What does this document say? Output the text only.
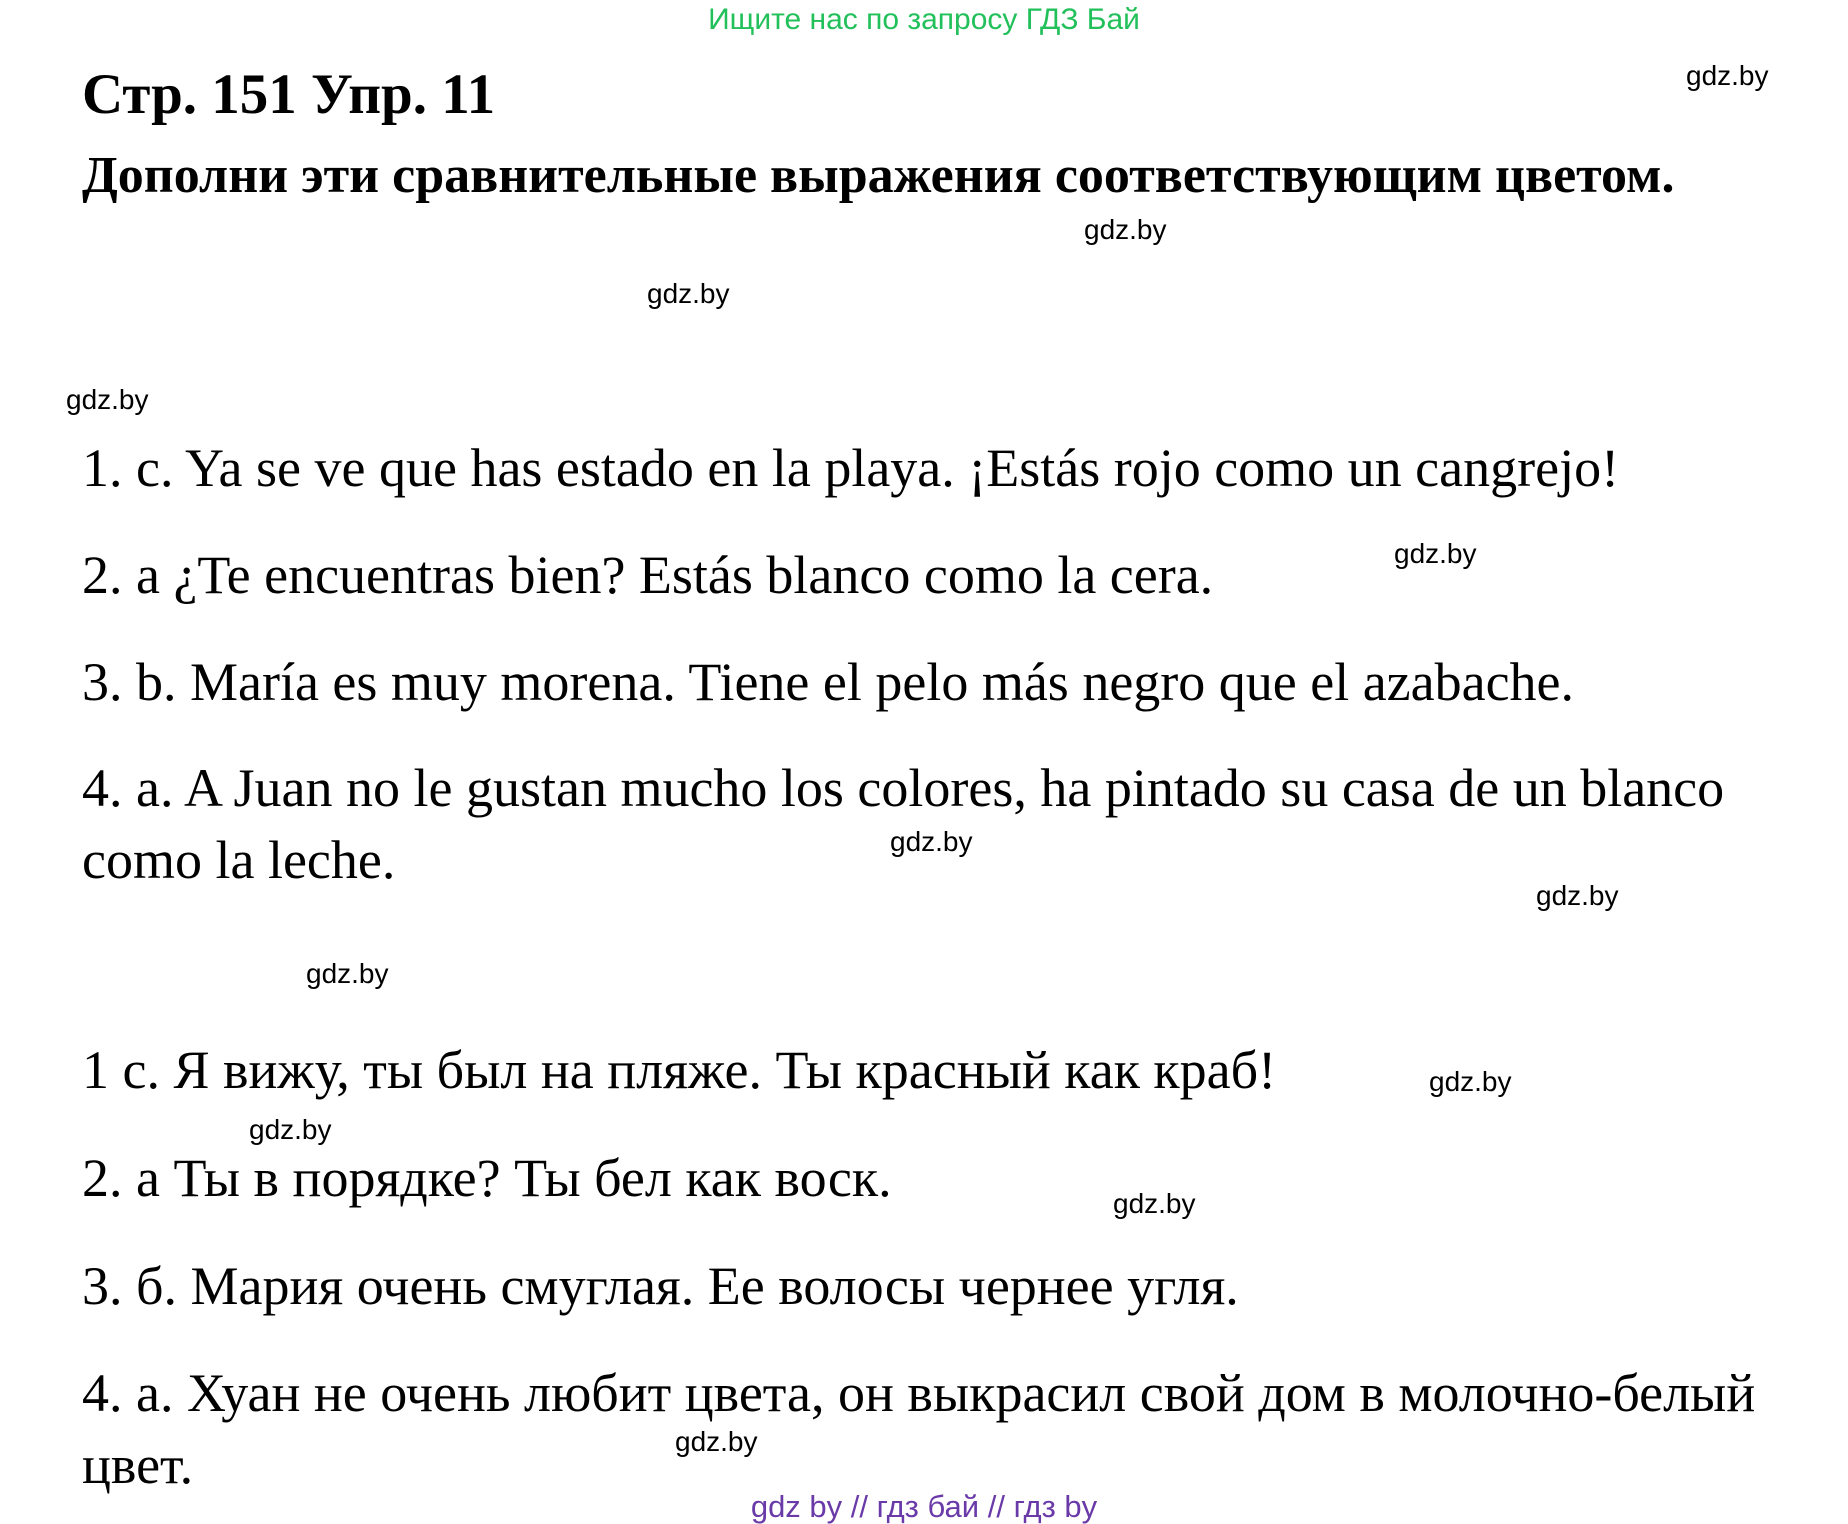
Ищите нас по запросу ГДЗ Бай
Стр. 151 Упр. 11

Дополни эти сравнительные выражения соответствующим цветом.

1. c. Ya se ve que has estado en la playa. ¡Estás rojo como un cangrejo!

2. a ¿Te encuentras bien? Estás blanco como la cera.

3. b. María es muy morena. Tiene el pelo más negro que el azabache.

4. a. A Juan no le gustan mucho los colores, ha pintado su casa de un blanco como la leche.

1 с. Я вижу, ты был на пляже. Ты красный как краб!

2. а Ты в порядке? Ты бел как воск.

3. б. Мария очень смуглая. Ее волосы чернее угля.

4. а. Хуан не очень любит цвета, он выкрасил свой дом в молочно-белый цвет.

gdz.by
gdz.by
gdz.by
gdz.by
gdz.by
gdz.by
gdz.by
gdz.by
gdz.by
gdz.by
gdz.by
gdz.by
gdz by // гдз бай // гдз by
